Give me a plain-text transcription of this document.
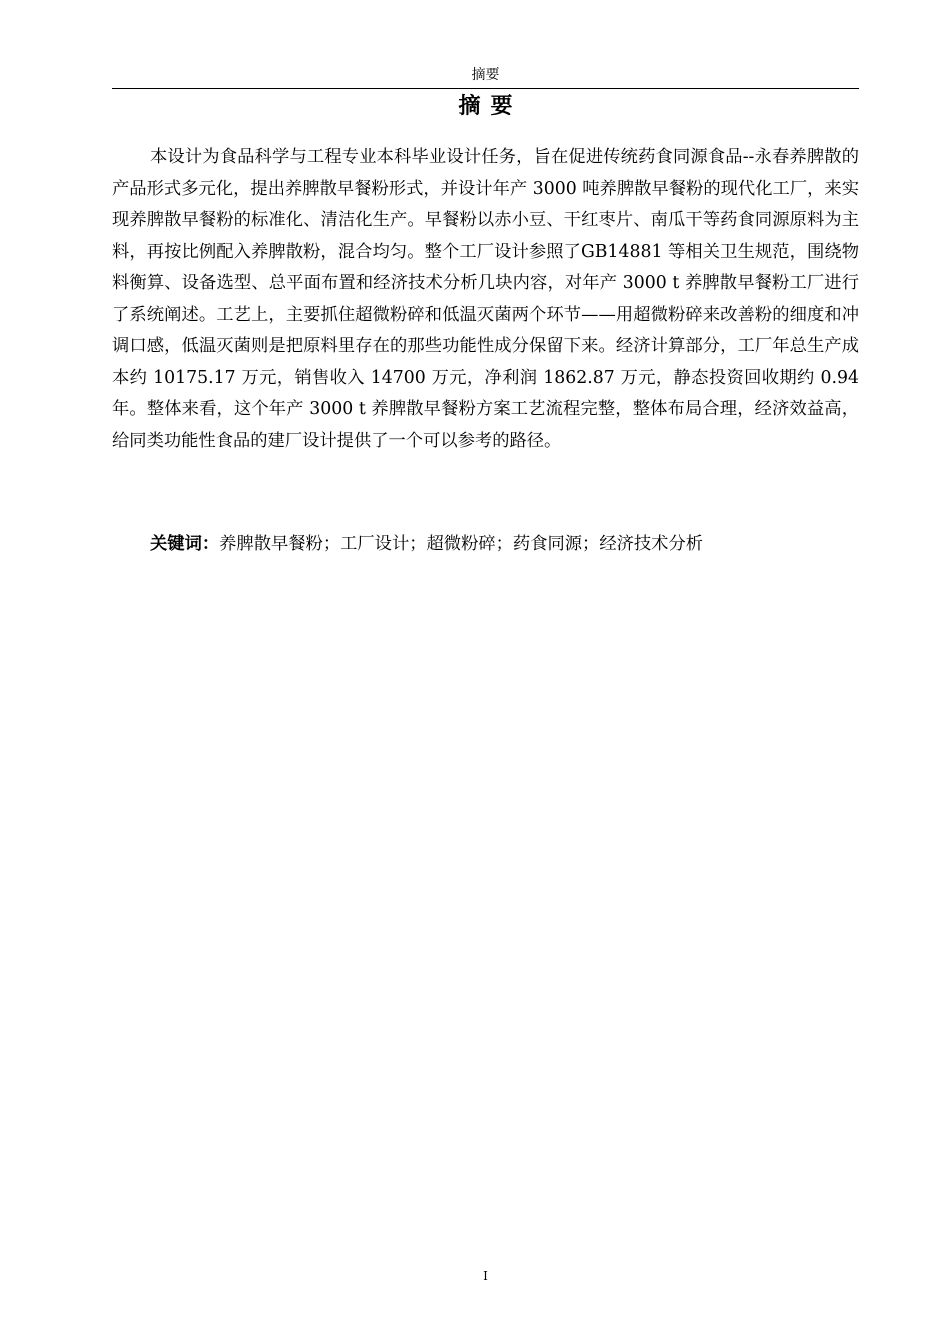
摘要
摘要

本设计为食品科学与工程专业本科毕业设计任务，旨在促进传统药食同源食品--永春养脾散的产品形式多元化，提出养脾散早餐粉形式，并设计年产 3000 吨养脾散早餐粉的现代化工厂，来实现养脾散早餐粉的标准化、清洁化生产。早餐粉以赤小豆、干红枣片、南瓜干等药食同源原料为主料，再按比例配入养脾散粉，混合均匀。整个工厂设计参照了GB14881 等相关卫生规范，围绕物料衡算、设备选型、总平面布置和经济技术分析几块内容，对年产 3000 t 养脾散早餐粉工厂进行了系统阐述。工艺上，主要抓住超微粉碎和低温灭菌两个环节——用超微粉碎来改善粉的细度和冲调口感，低温灭菌则是把原料里存在的那些功能性成分保留下来。经济计算部分，工厂年总生产成本约 10175.17 万元，销售收入 14700 万元，净利润 1862.87 万元，静态投资回收期约 0.94 年。整体来看，这个年产 3000 t 养脾散早餐粉方案工艺流程完整，整体布局合理，经济效益高，给同类功能性食品的建厂设计提供了一个可以参考的路径。

关键词：养脾散早餐粉；工厂设计；超微粉碎；药食同源；经济技术分析
I
